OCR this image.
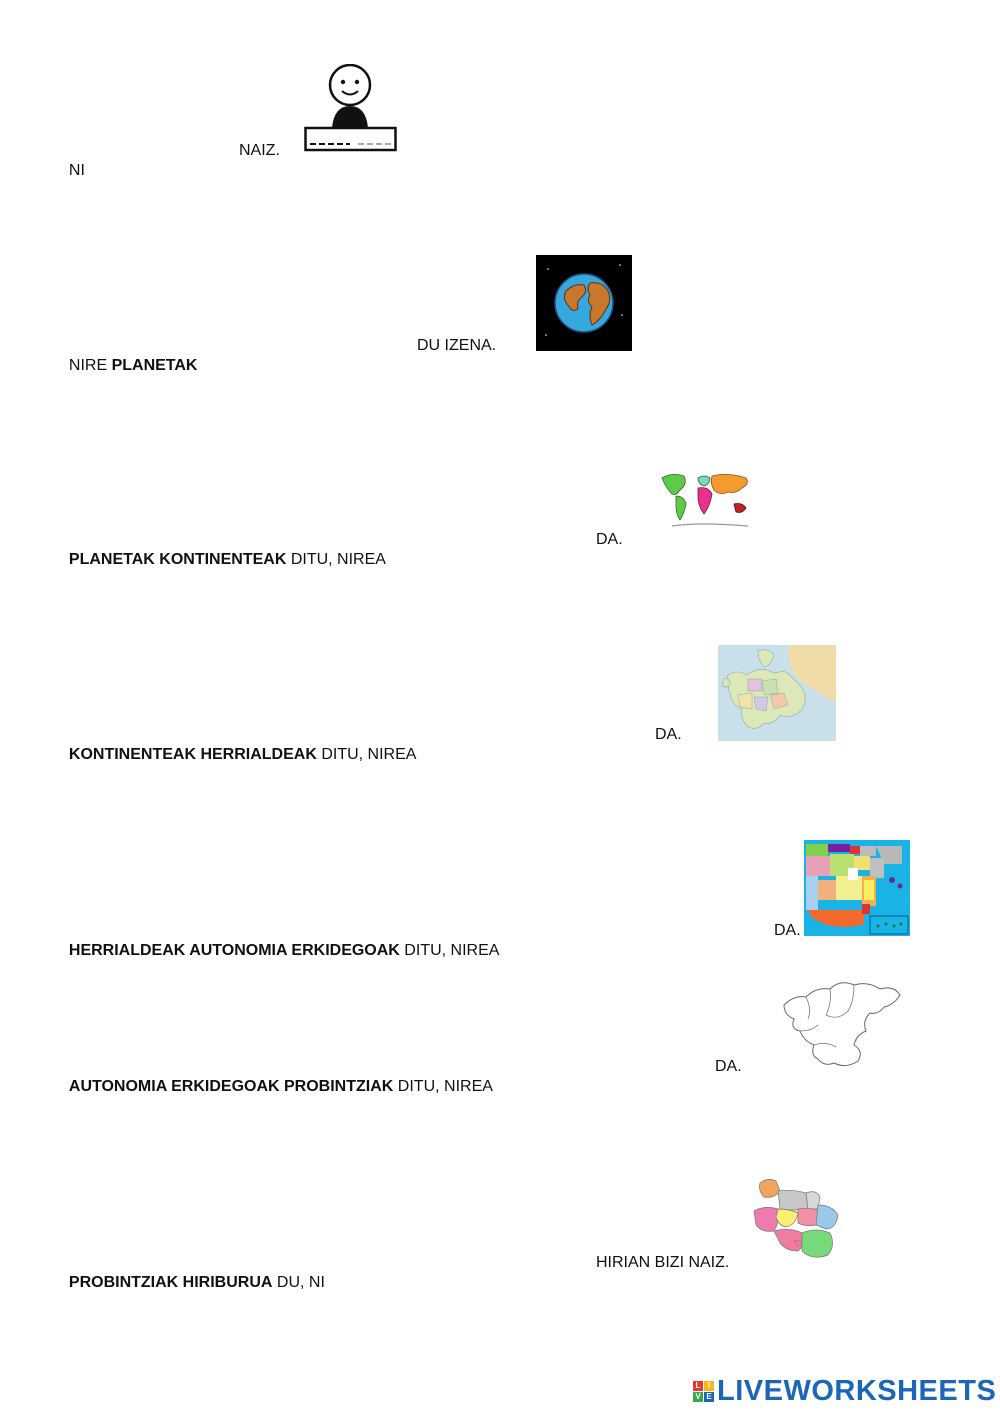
NI

NAIZ.

NIRE PLANETAK

DU IZENA.

PLANETAK KONTINENTEAK DITU, NIREA

DA.

KONTINENTEAK HERRIALDEAK DITU, NIREA

DA.

HERRIALDEAK AUTONOMIA ERKIDEGOAK DITU, NIREA

DA.

AUTONOMIA ERKIDEGOAK PROBINTZIAK DITU, NIREA

DA.

PROBINTZIAK HIRIBURUA DU, NI

HIRIAN BIZI NAIZ.
L I
V E LIVEWORKSHEETS
